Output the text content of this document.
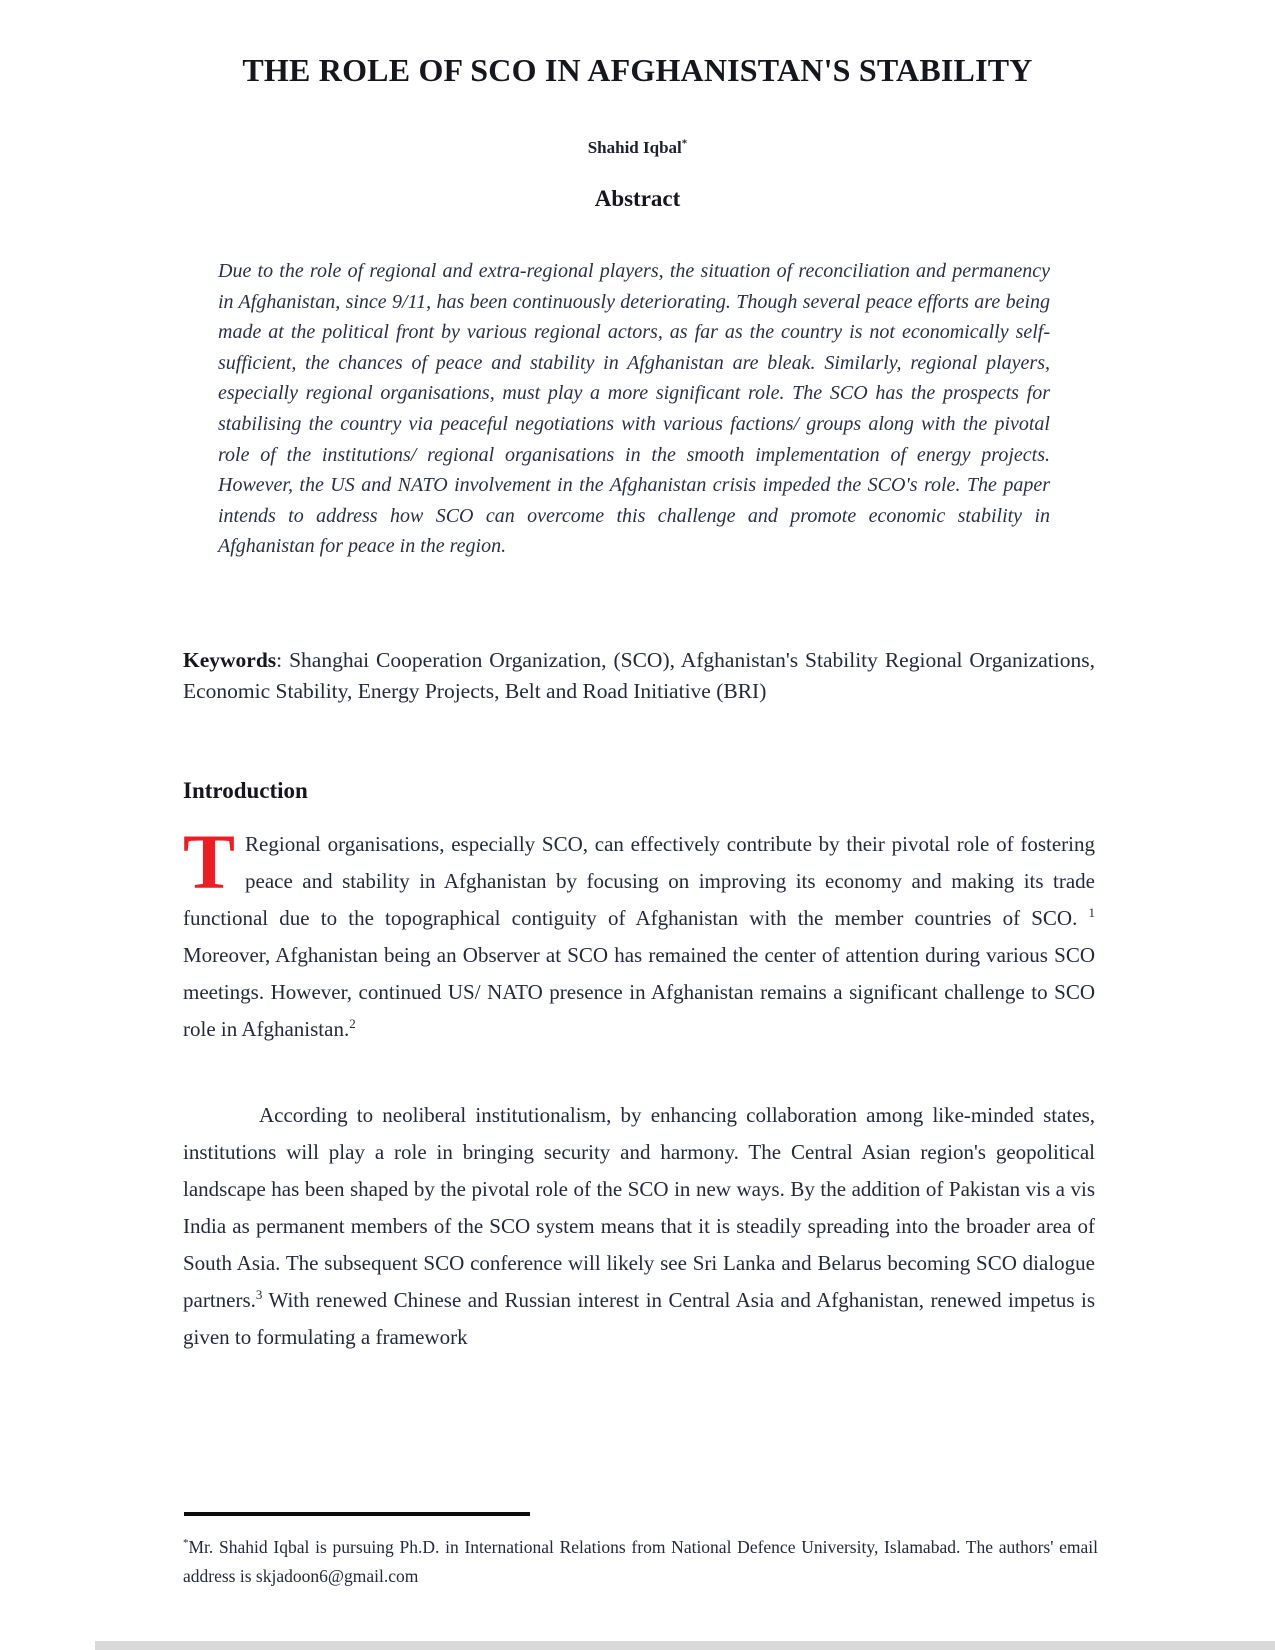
THE ROLE OF SCO IN AFGHANISTAN'S STABILITY
Shahid Iqbal*
Abstract

Due to the role of regional and extra-regional players, the situation of reconciliation and permanency in Afghanistan, since 9/11, has been continuously deteriorating. Though several peace efforts are being made at the political front by various regional actors, as far as the country is not economically self-sufficient, the chances of peace and stability in Afghanistan are bleak. Similarly, regional players, especially regional organisations, must play a more significant role. The SCO has the prospects for stabilising the country via peaceful negotiations with various factions/ groups along with the pivotal role of the institutions/ regional organisations in the smooth implementation of energy projects. However, the US and NATO involvement in the Afghanistan crisis impeded the SCO's role. The paper intends to address how SCO can overcome this challenge and promote economic stability in Afghanistan for peace in the region.

Keywords: Shanghai Cooperation Organization, (SCO), Afghanistan's Stability Regional Organizations, Economic Stability, Energy Projects, Belt and Road Initiative (BRI)

Introduction

T Regional organisations, especially SCO, can effectively contribute by their pivotal role of fostering peace and stability in Afghanistan by focusing on improving its economy and making its trade functional due to the topographical contiguity of Afghanistan with the member countries of SCO. $^1$ Moreover, Afghanistan being an Observer at SCO has remained the center of attention during various SCO meetings. However, continued US/ NATO presence in Afghanistan remains a significant challenge to SCO role in Afghanistan.$^2$

According to neoliberal institutionalism, by enhancing collaboration among like-minded states, institutions will play a role in bringing security and harmony. The Central Asian region's geopolitical landscape has been shaped by the pivotal role of the SCO in new ways. By the addition of Pakistan vis a vis India as permanent members of the SCO system means that it is steadily spreading into the broader area of South Asia. The subsequent SCO conference will likely see Sri Lanka and Belarus becoming SCO dialogue partners.$^3$ With renewed Chinese and Russian interest in Central Asia and Afghanistan, renewed impetus is given to formulating a framework

*Mr. Shahid Iqbal is pursuing Ph.D. in International Relations from National Defence University, Islamabad. The authors' email address is skjadoon6@gmail.com
